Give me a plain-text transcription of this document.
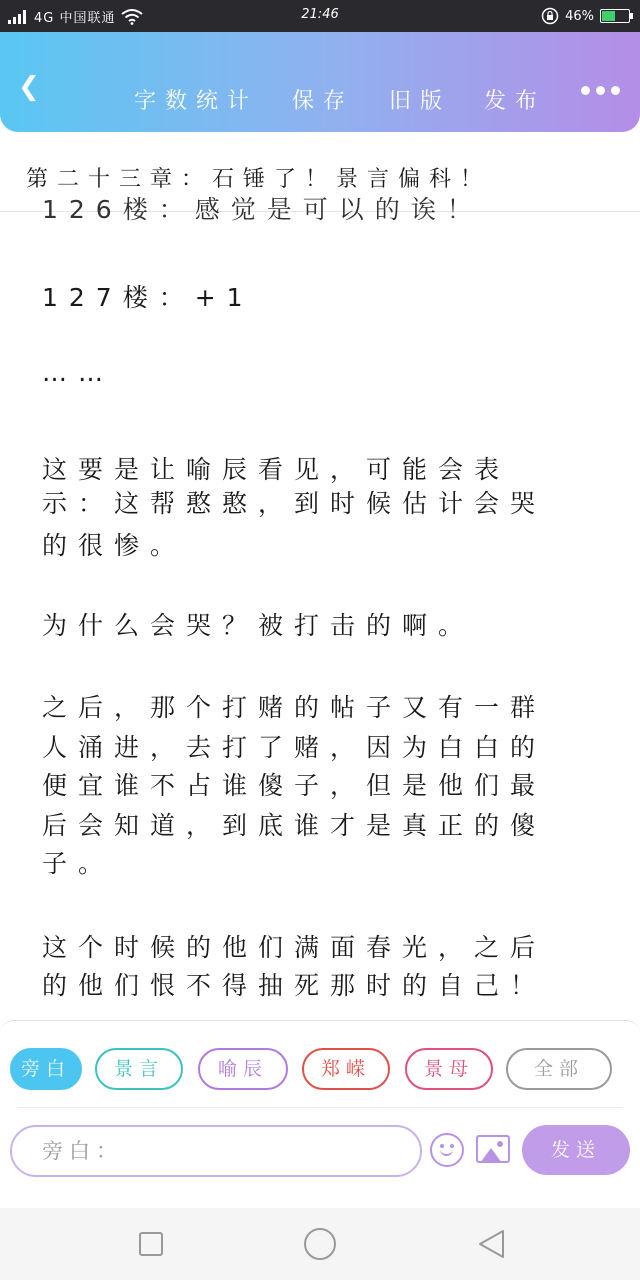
4G 中国联通	21:46	46%
❮	字数统计 保存 旧版 发布
第二十三章：石锤了！景言偏科！
126楼：感觉是可以的诶！
127楼：+1
……
这要是让喻辰看见，可能会表
示：这帮憨憨，到时候估计会哭
的很惨。
为什么会哭？被打击的啊。
之后，那个打赌的帖子又有一群
人涌进，去打了赌，因为白白的
便宜谁不占谁傻子，但是他们最
后会知道，到底谁才是真正的傻
子。
这个时候的他们满面春光，之后
的他们恨不得抽死那时的自己！
旁白	景言	喻辰	郑嵘	景母	全部
旁白：	发送
